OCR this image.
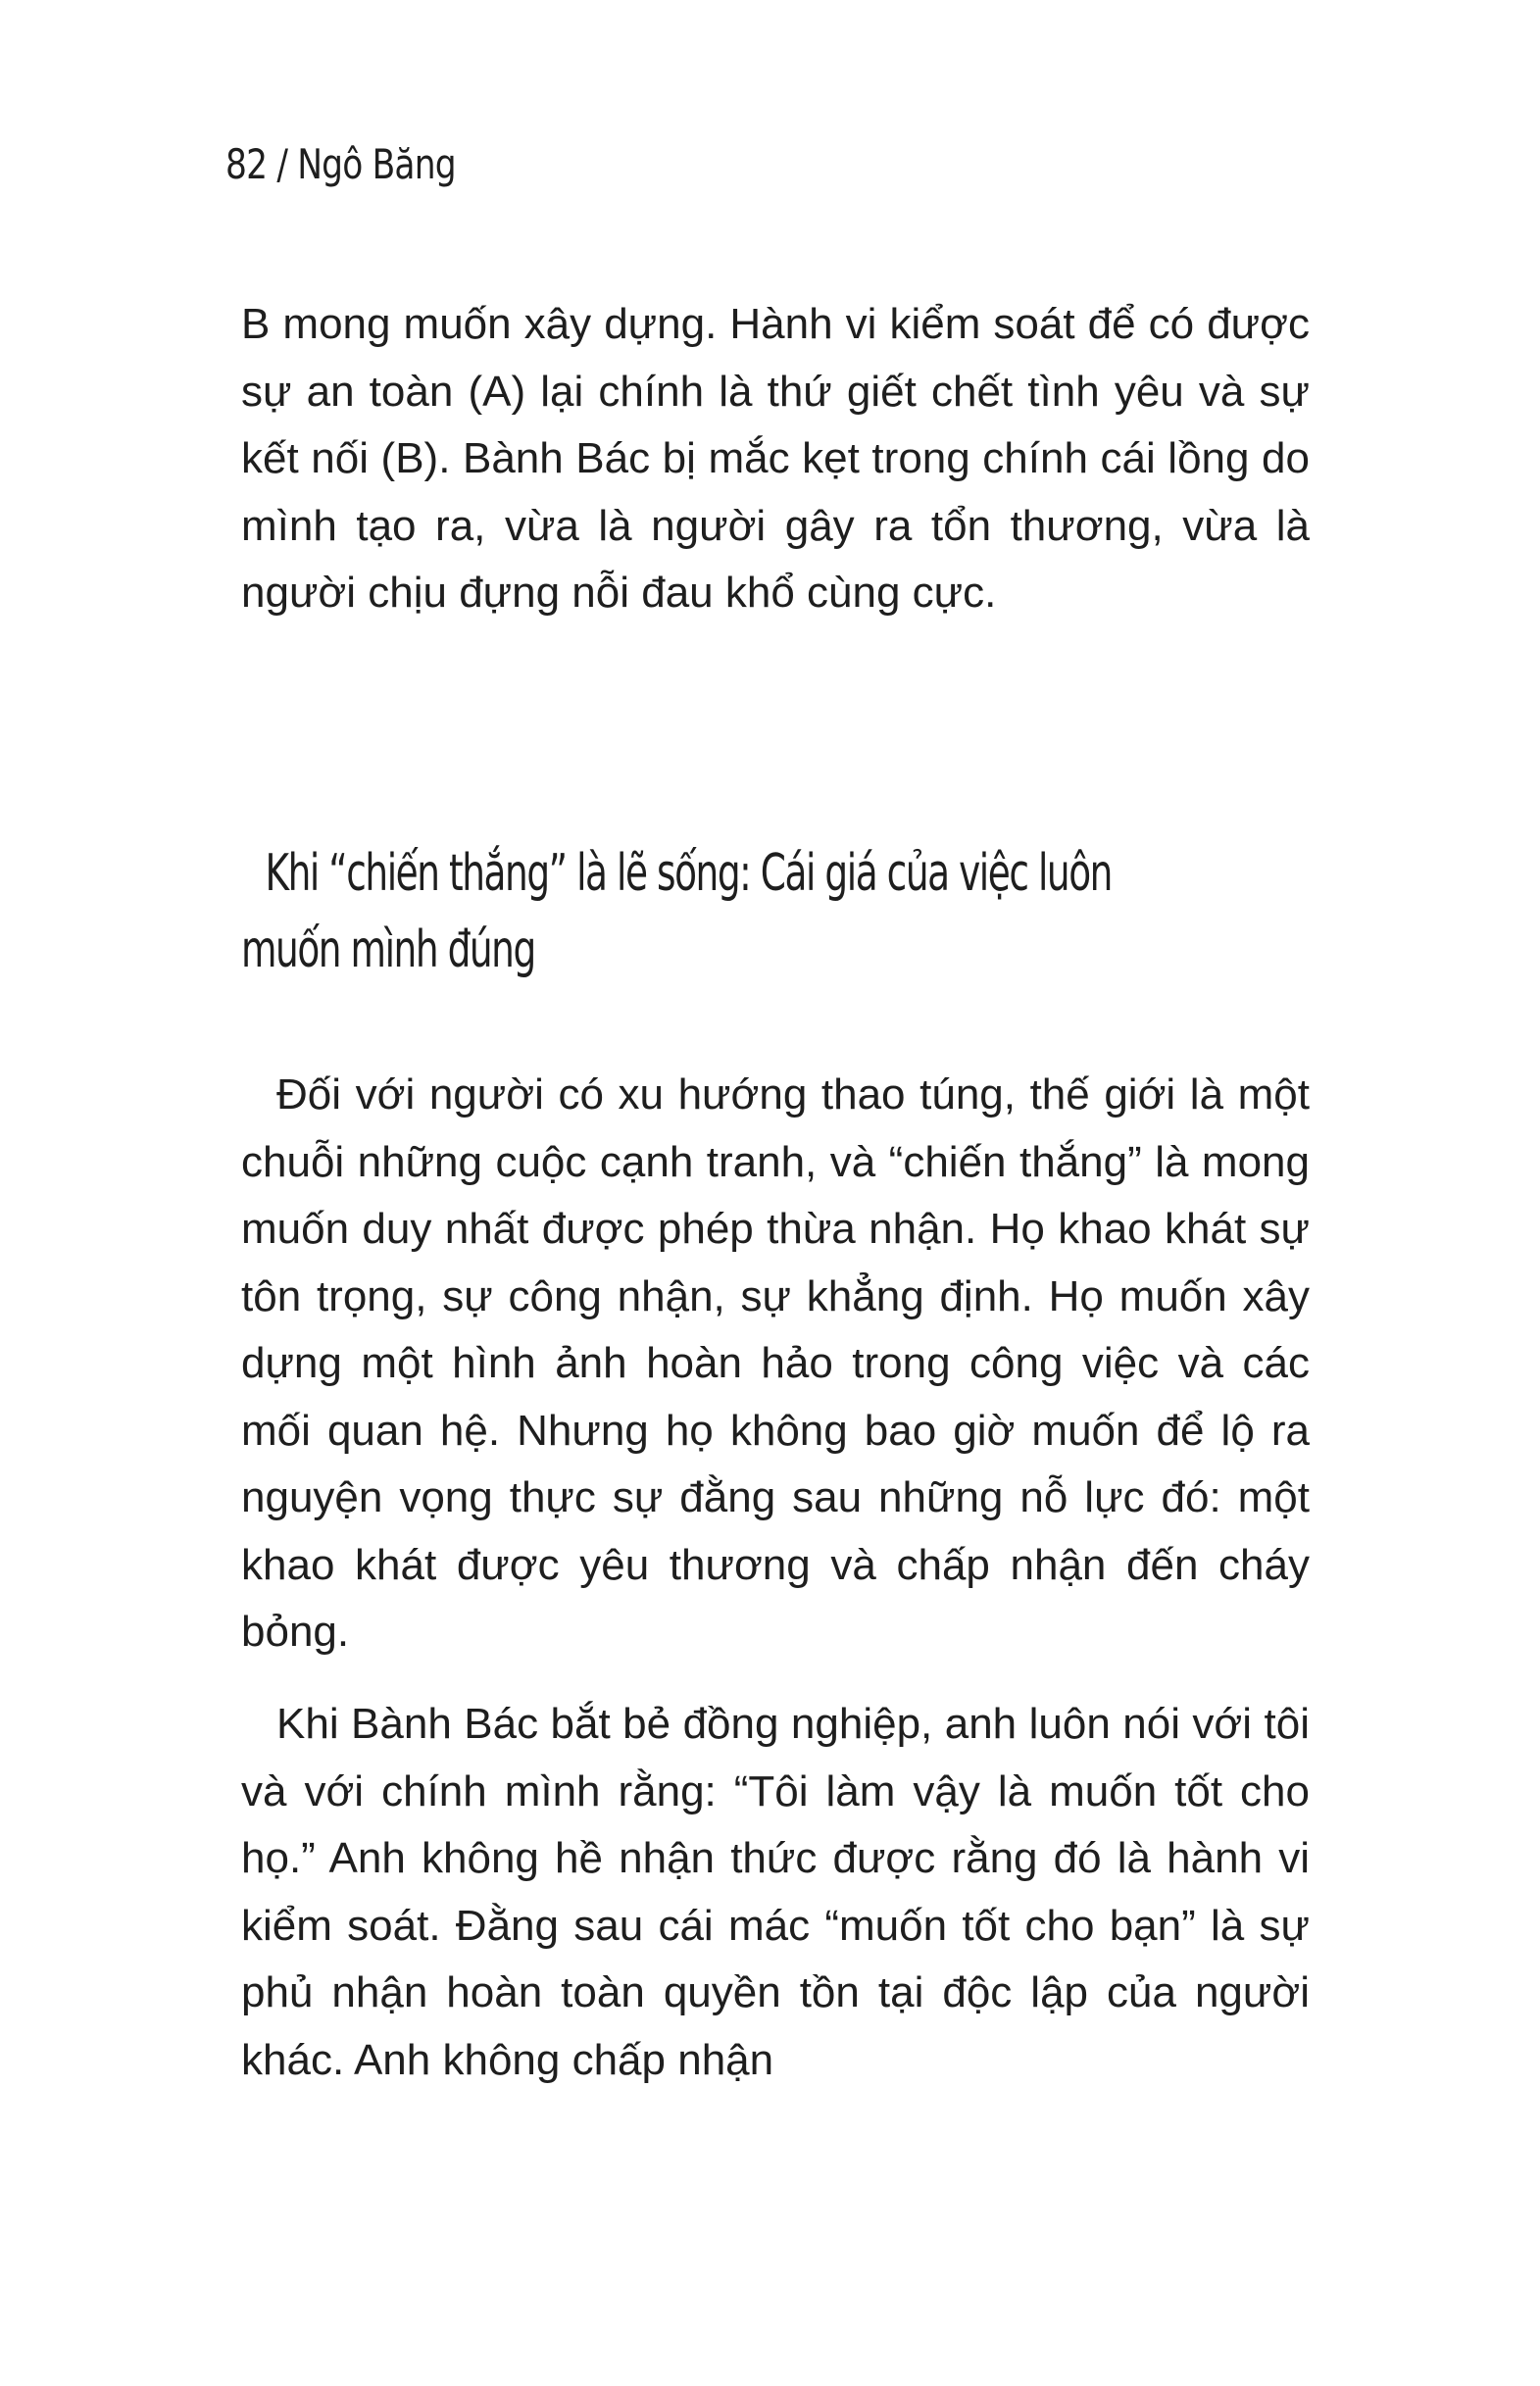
82 / Ngô Băng

B mong muốn xây dựng. Hành vi kiểm soát để có được sự an toàn (A) lại chính là thứ giết chết tình yêu và sự kết nối (B). Bành Bác bị mắc kẹt trong chính cái lồng do mình tạo ra, vừa là người gây ra tổn thương, vừa là người chịu đựng nỗi đau khổ cùng cực.

Khi “chiến thắng” là lẽ sống: Cái giá của việc luôn muốn mình đúng

Đối với người có xu hướng thao túng, thế giới là một chuỗi những cuộc cạnh tranh, và “chiến thắng” là mong muốn duy nhất được phép thừa nhận. Họ khao khát sự tôn trọng, sự công nhận, sự khẳng định. Họ muốn xây dựng một hình ảnh hoàn hảo trong công việc và các mối quan hệ. Nhưng họ không bao giờ muốn để lộ ra nguyện vọng thực sự đằng sau những nỗ lực đó: một khao khát được yêu thương và chấp nhận đến cháy bỏng.

Khi Bành Bác bắt bẻ đồng nghiệp, anh luôn nói với tôi và với chính mình rằng: “Tôi làm vậy là muốn tốt cho họ.” Anh không hề nhận thức được rằng đó là hành vi kiểm soát. Đằng sau cái mác “muốn tốt cho bạn” là sự phủ nhận hoàn toàn quyền tồn tại độc lập của người khác. Anh không chấp nhận
